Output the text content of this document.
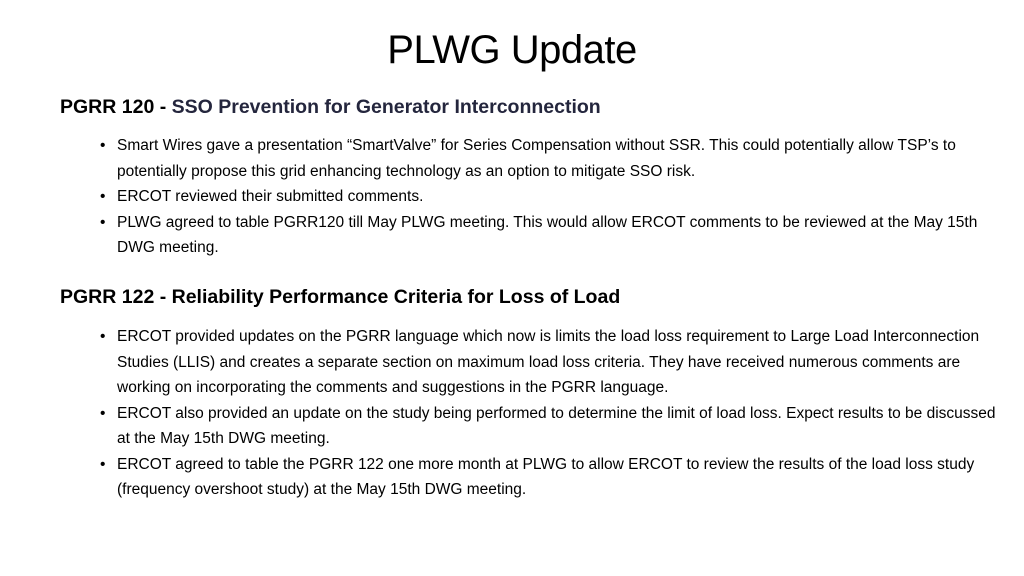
PLWG Update
PGRR 120 - SSO Prevention for Generator Interconnection
• Smart Wires gave a presentation “SmartValve” for Series Compensation without SSR. This could potentially allow TSP’s to potentially propose this grid enhancing technology as an option to mitigate SSO risk.
• ERCOT reviewed their submitted comments.
• PLWG agreed to table PGRR120 till May PLWG meeting. This would allow ERCOT comments to be reviewed at the May 15th DWG meeting.
PGRR 122 - Reliability Performance Criteria for Loss of Load
• ERCOT provided updates on the PGRR language which now is limits the load loss requirement to Large Load Interconnection Studies (LLIS) and creates a separate section on maximum load loss criteria. They have received numerous comments are working on incorporating the comments and suggestions in the PGRR language.
• ERCOT also provided an update on the study being performed to determine the limit of load loss. Expect results to be discussed at the May 15th DWG meeting.
• ERCOT agreed to table the PGRR 122 one more month at PLWG to allow ERCOT to review the results of the load loss study (frequency overshoot study) at the May 15th DWG meeting.
